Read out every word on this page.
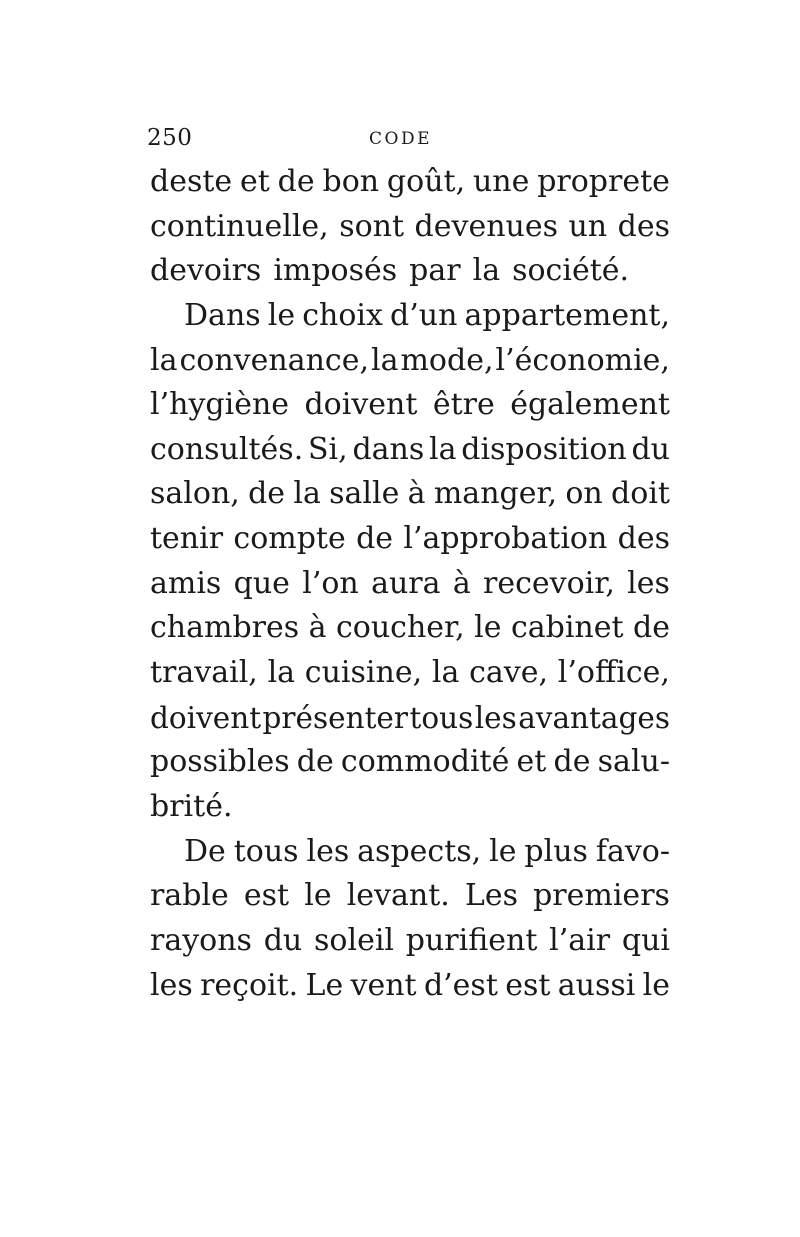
250	CODE
deste et de bon goût, une proprete
continuelle, sont devenues un des
devoirs imposés par la société.
Dans le choix d’un appartement,
la convenance, la mode, l’économie,
l’hygiène doivent être également
consultés. Si, dans la disposition du
salon, de la salle à manger, on doit
tenir compte de l’approbation des
amis que l’on aura à recevoir, les
chambres à coucher, le cabinet de
travail, la cuisine, la cave, l’office,
doivent présenter tous les avantages
possibles de commodité et de salu-
brité.
De tous les aspects, le plus favo-
rable est le levant. Les premiers
rayons du soleil purifient l’air qui
les reçoit. Le vent d’est est aussi le
